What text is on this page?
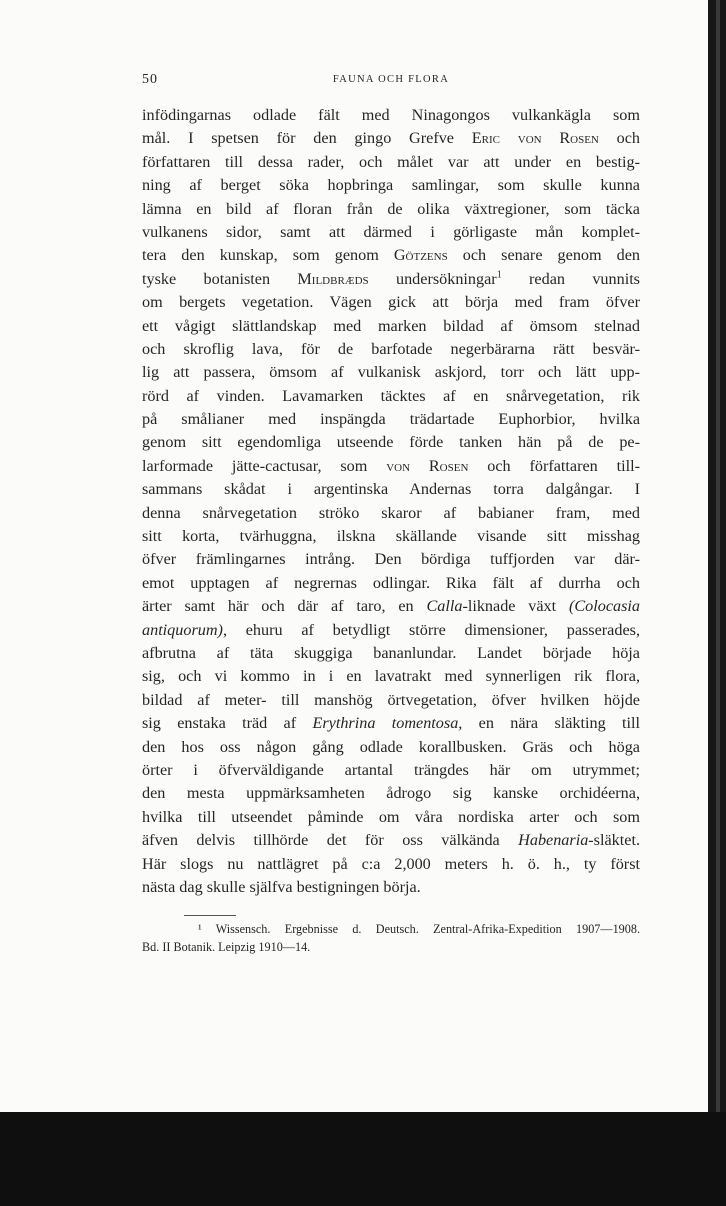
50	FAUNA OCH FLORA

infödingarnas odlade fält med Ninagongos vulkankägla som
mål. I spetsen för den gingo Grefve Eric von Rosen och
författaren till dessa rader, och målet var att under en bestig-
ning af berget söka hopbringa samlingar, som skulle kunna
lämna en bild af floran från de olika växtregioner, som täcka
vulkanens sidor, samt att därmed i görligaste mån komplet-
tera den kunskap, som genom Götzens och senare genom den
tyske botanisten Mildbræds undersökningar$^1$ redan vunnits
om bergets vegetation. Vägen gick att börja med fram öfver
ett vågigt slättlandskap med marken bildad af ömsom stelnad
och skroflig lava, för de barfotade negerbärarna rätt besvär-
lig att passera, ömsom af vulkanisk askjord, torr och lätt upp-
rörd af vinden. Lavamarken täcktes af en snårvegetation, rik
på smålianer med inspängda trädartade Euphorbior, hvilka
genom sitt egendomliga utseende förde tanken hän på de pe-
larformade jätte-cactusar, som von Rosen och författaren till-
sammans skådat i argentinska Andernas torra dalgångar. I
denna snårvegetation ströko skaror af babianer fram, med
sitt korta, tvärhuggna, ilskna skällande visande sitt misshag
öfver främlingarnes intrång. Den bördiga tuffjorden var där-
emot upptagen af negrernas odlingar. Rika fält af durrha och
ärter samt här och där af taro, en Calla-liknade växt (Colocasia
antiquorum), ehuru af betydligt större dimensioner, passerades,
afbrutna af täta skuggiga bananlundar. Landet började höja
sig, och vi kommo in i en lavatrakt med synnerligen rik flora,
bildad af meter- till manshög örtvegetation, öfver hvilken höjde
sig enstaka träd af Erythrina tomentosa, en nära släkting till
den hos oss någon gång odlade korallbusken. Gräs och höga
örter i öfverväldigande artantal trängdes här om utrymmet;
den mesta uppmärksamheten ådrogo sig kanske orchidéerna,
hvilka till utseendet påminde om våra nordiska arter och som
äfven delvis tillhörde det för oss välkända Habenaria-släktet.
Här slogs nu nattlägret på c:a 2,000 meters h. ö. h., ty först
nästa dag skulle själfva bestigningen börja.

¹ Wissensch. Ergebnisse d. Deutsch. Zentral-Afrika-Expedition 1907—1908.
Bd. II Botanik. Leipzig 1910—14.
